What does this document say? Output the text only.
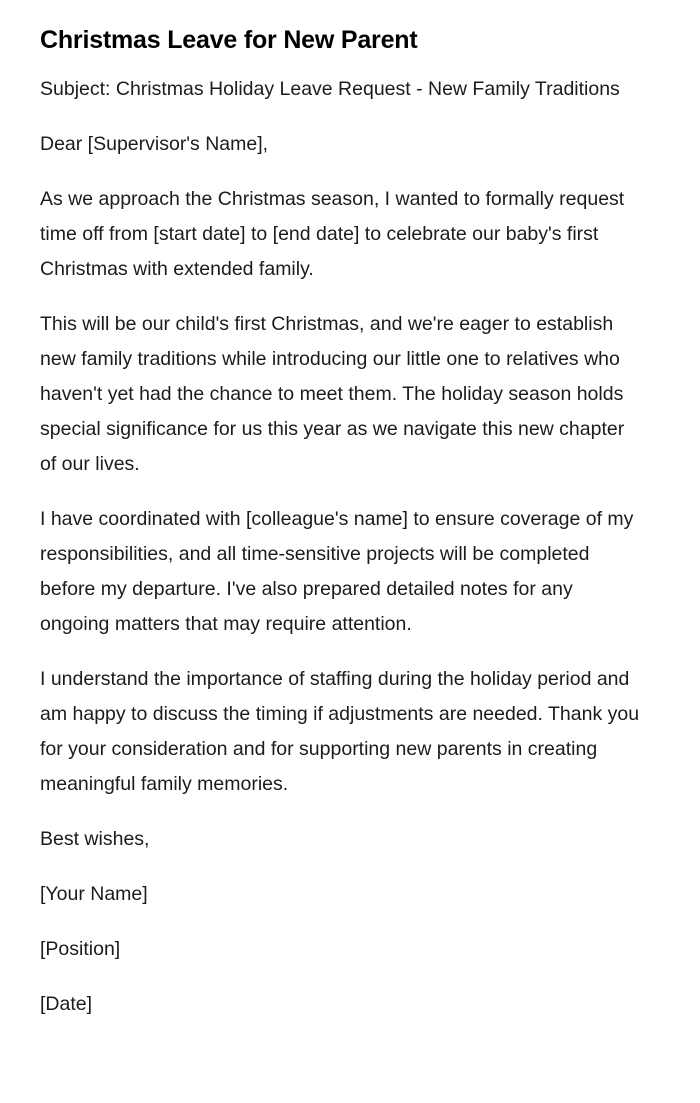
Christmas Leave for New Parent

Subject: Christmas Holiday Leave Request - New Family Traditions

Dear [Supervisor's Name],

As we approach the Christmas season, I wanted to formally request time off from [start date] to [end date] to celebrate our baby's first Christmas with extended family.

This will be our child's first Christmas, and we're eager to establish new family traditions while introducing our little one to relatives who haven't yet had the chance to meet them. The holiday season holds special significance for us this year as we navigate this new chapter of our lives.

I have coordinated with [colleague's name] to ensure coverage of my responsibilities, and all time-sensitive projects will be completed before my departure. I've also prepared detailed notes for any ongoing matters that may require attention.

I understand the importance of staffing during the holiday period and am happy to discuss the timing if adjustments are needed. Thank you for your consideration and for supporting new parents in creating meaningful family memories.

Best wishes,

[Your Name]

[Position]

[Date]
